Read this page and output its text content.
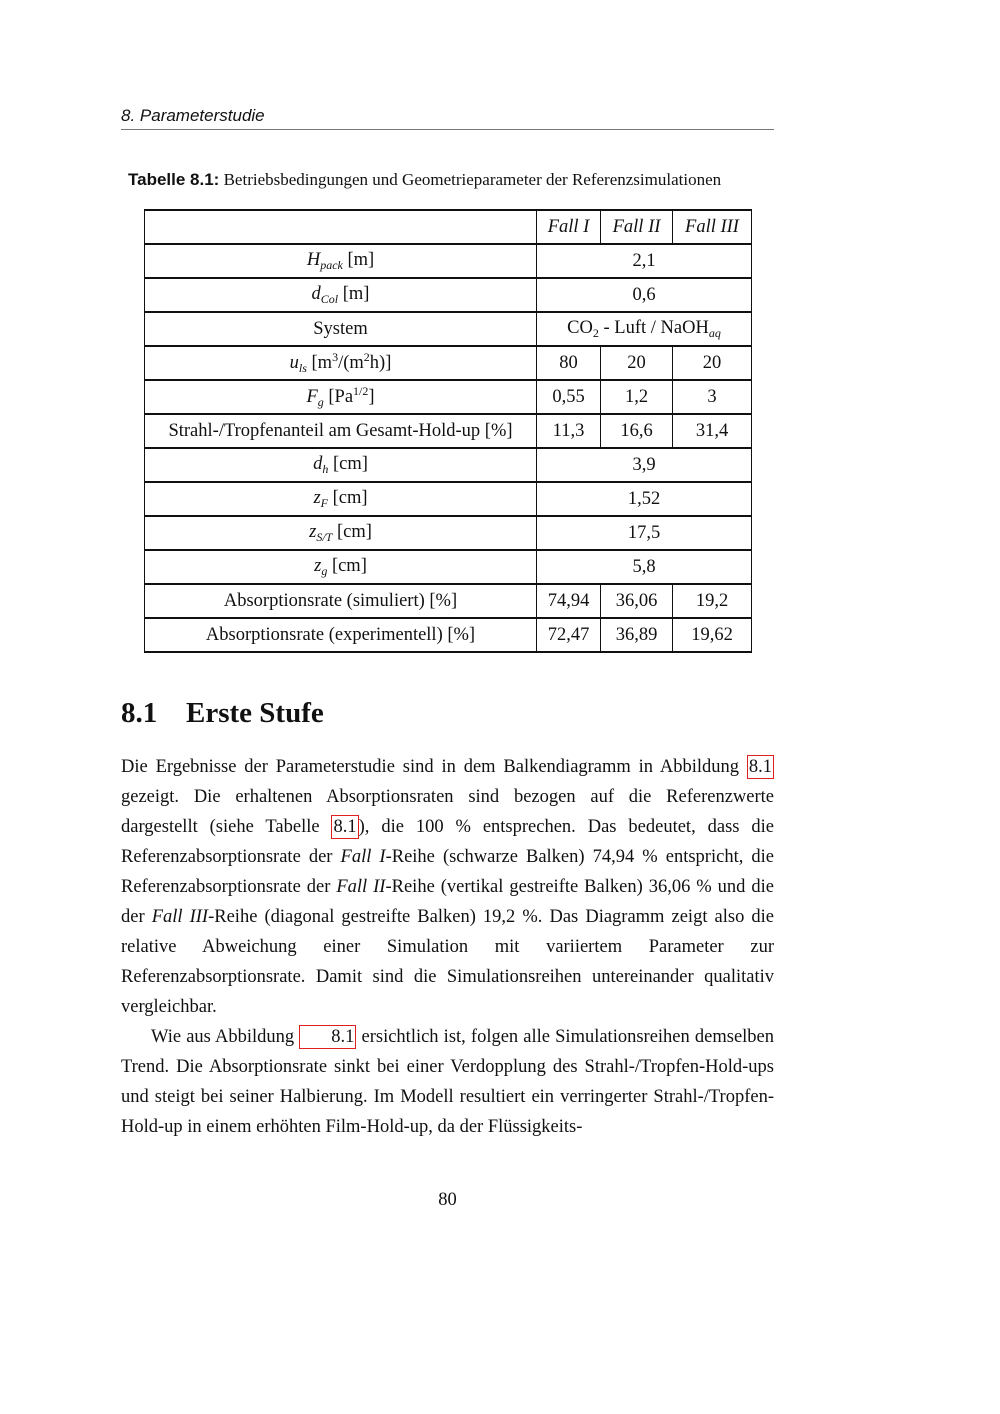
8. Parameterstudie
Tabelle 8.1: Betriebsbedingungen und Geometrieparameter der Referenzsimulationen
	Fall I	Fall II	Fall III
$H_{pack}$ [m]	2,1		
$d_{Col}$ [m]	0,6		
System	$CO_2$ - Luft / NaOH$_{aq}$
$u_{ls}$ $[m^3/(m^2h)]$	80	20	20
$F_g$ $[Pa^{1/2}]$	0,55	1,2	3
Strahl-/Tropfenanteil am Gesamt-Hold-up [%]	11,3	16,6	31,4
$d_h$ [cm]	3,9		
$z_F$ [cm]	1,52		
$z_{S/T}$ [cm]	17,5		
$z_g$ [cm]	5,8		
Absorptionsrate (simuliert) [%]	74,94	36,06	19,2
Absorptionsrate (experimentell) [%]	72,47	36,89	19,62
8.1 Erste Stufe

Die Ergebnisse der Parameterstudie sind in dem Balkendiagramm in Abbildung 8.1 gezeigt. Die erhaltenen Absorptionsraten sind bezogen auf die Referenzwerte dargestellt (siehe Tabelle 8.1 ), die 100 % entsprechen. Das bedeutet, dass die Referenzabsorptionsrate der Fall I-Reihe (schwarze Balken) 74,94 % entspricht, die Referenzabsorptionsrate der Fall II-Reihe (vertikal gestreifte Balken) 36,06 % und die der Fall III-Reihe (diagonal gestreifte Balken) 19,2 %. Das Diagramm zeigt also die relative Abweichung einer Simulation mit variiertem Parameter zur Referenzabsorptionsrate. Damit sind die Simulationsreihen untereinander qualitativ vergleichbar.

Wie aus Abbildung 8.1 ersichtlich ist, folgen alle Simulationsreihen demselben Trend. Die Absorptionsrate sinkt bei einer Verdopplung des Strahl-/Tropfen-Hold-ups und steigt bei seiner Halbierung. Im Modell resultiert ein verringerter Strahl-/Tropfen-Hold-up in einem erhöhten Film-Hold-up, da der Flüssigkeits-

80
